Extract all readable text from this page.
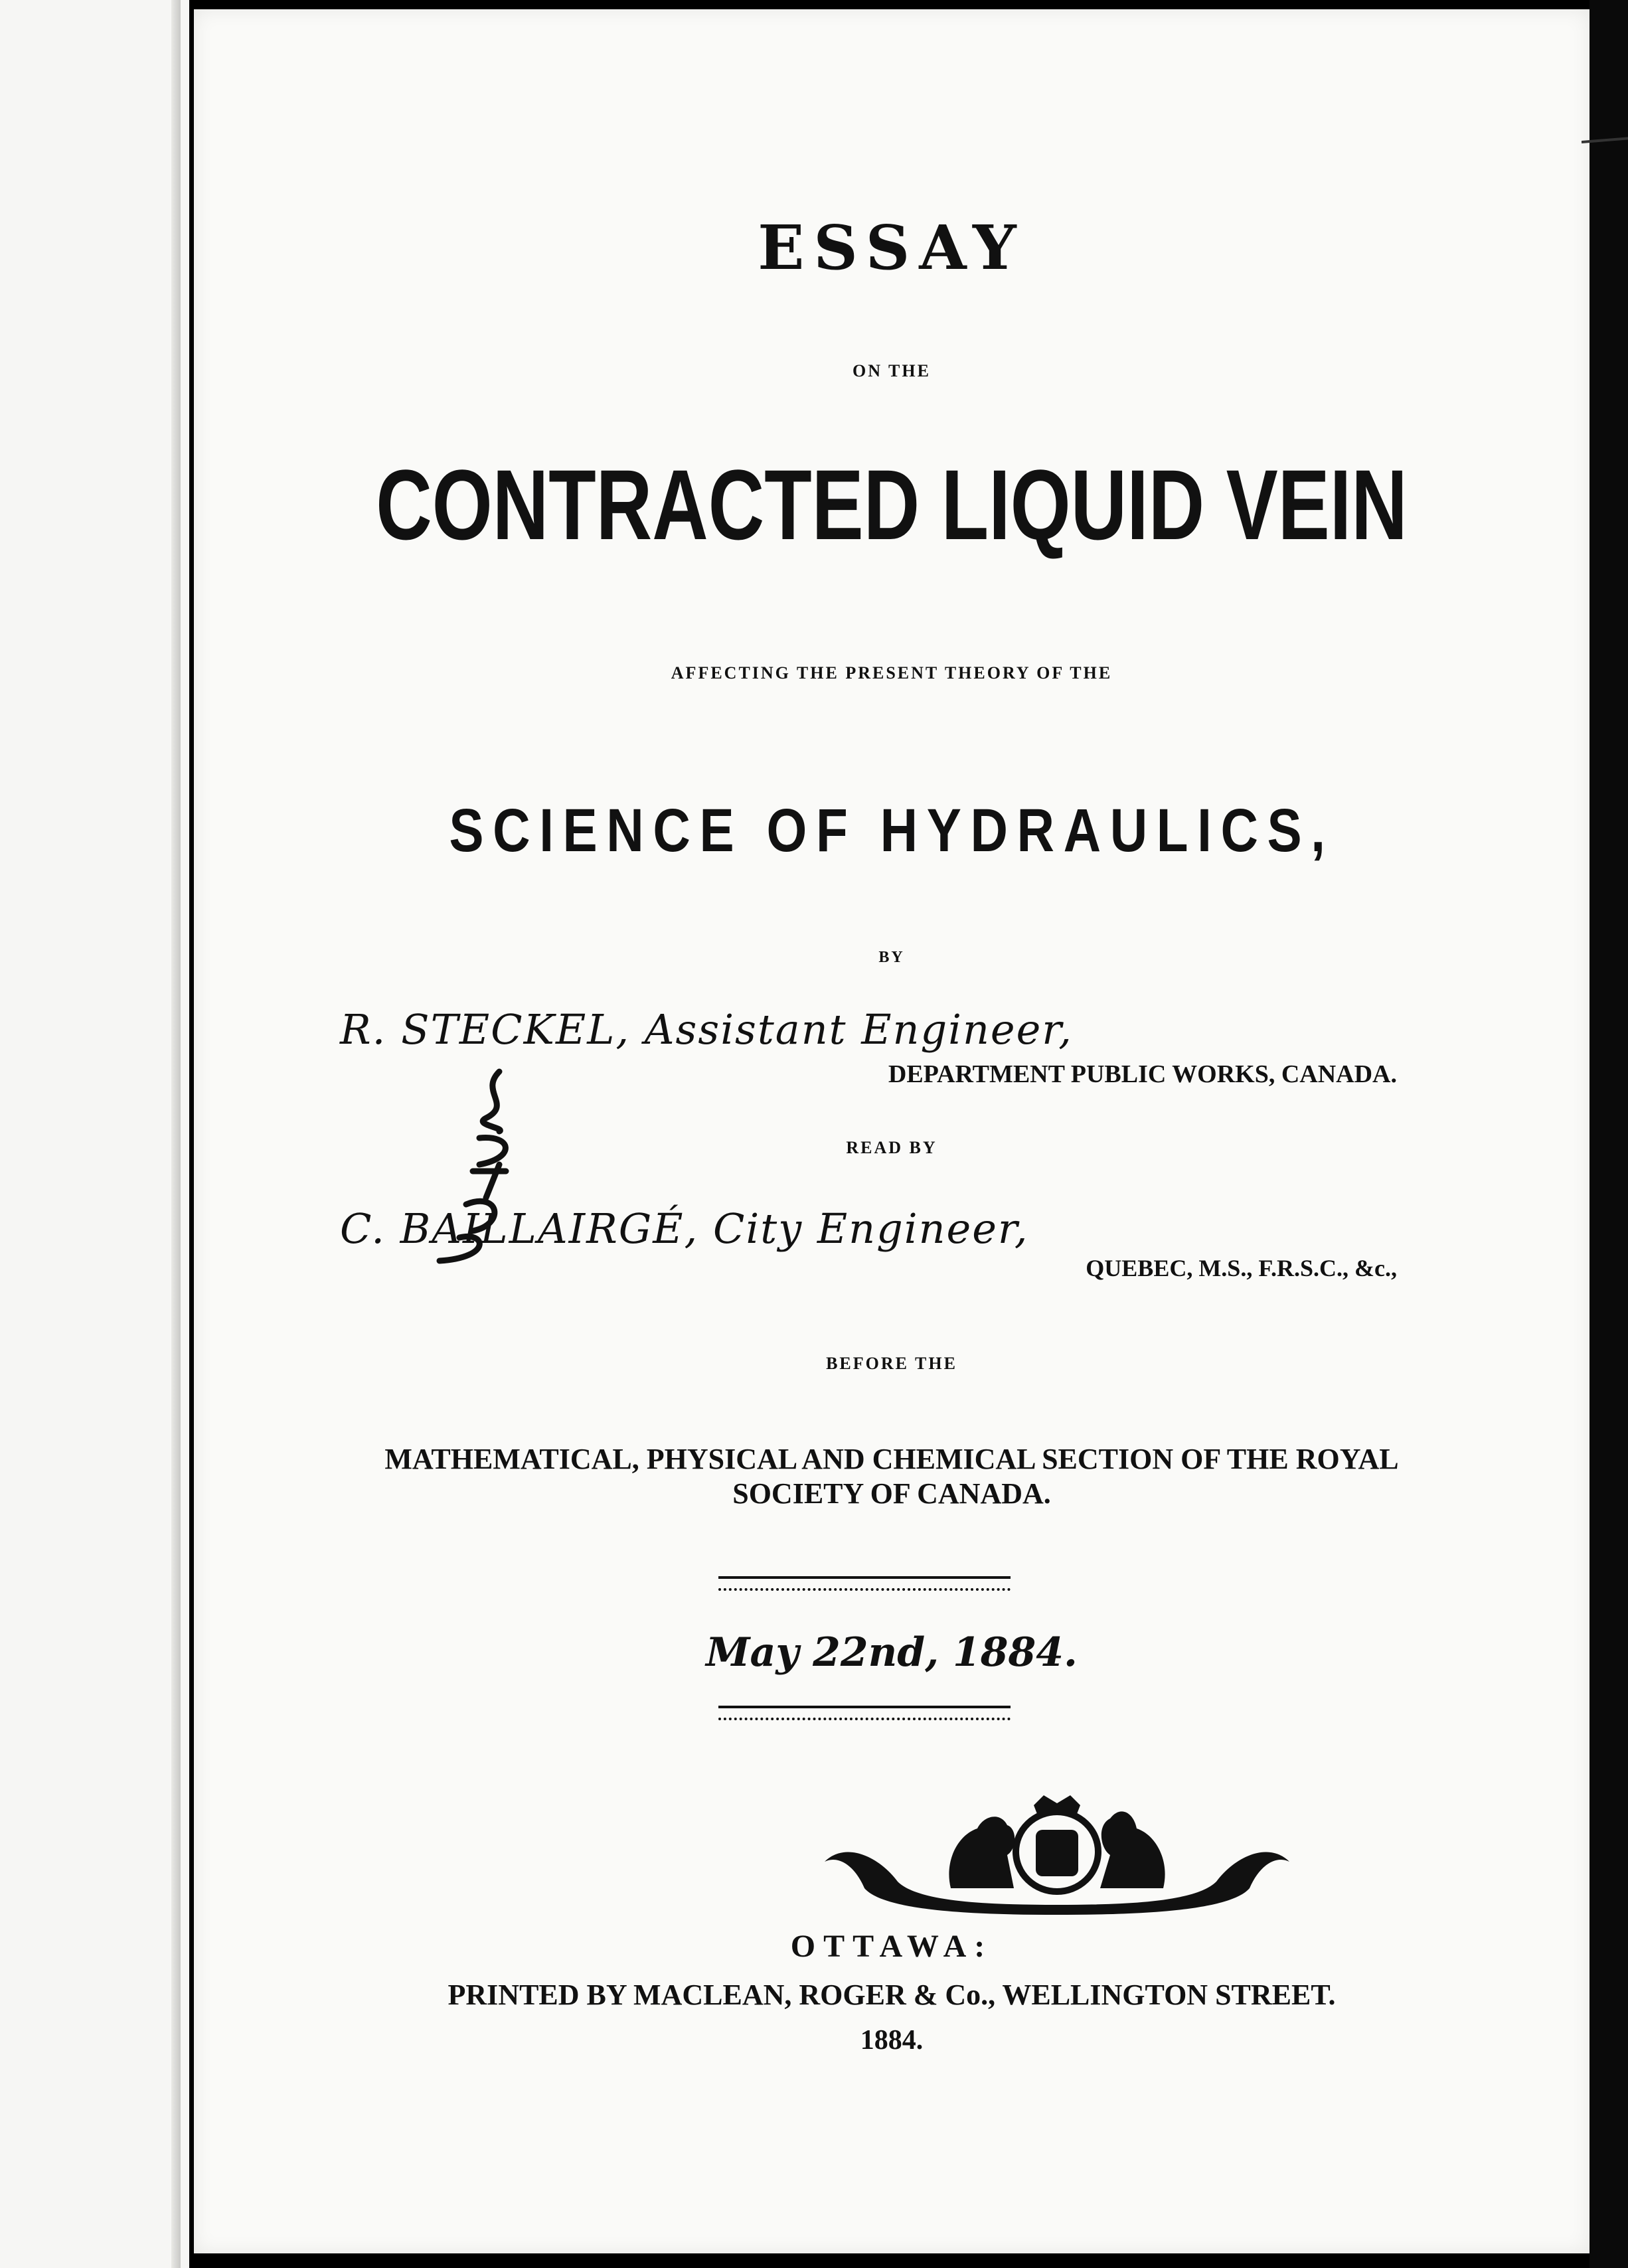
ESSAY
ON THE
CONTRACTED LIQUID VEIN
AFFECTING THE PRESENT THEORY OF THE
SCIENCE OF HYDRAULICS,
BY
R. STECKEL, Assistant Engineer,
DEPARTMENT PUBLIC WORKS, CANADA.
READ BY
C. BAILLAIRGÉ, City Engineer,
QUEBEC, M.S., F.R.S.C., &c.,
BEFORE THE
MATHEMATICAL, PHYSICAL AND CHEMICAL SECTION OF THE ROYAL
SOCIETY OF CANADA.
May 22nd, 1884.
OTTAWA:
PRINTED BY MACLEAN, ROGER & Co., WELLINGTON STREET.
1884.
